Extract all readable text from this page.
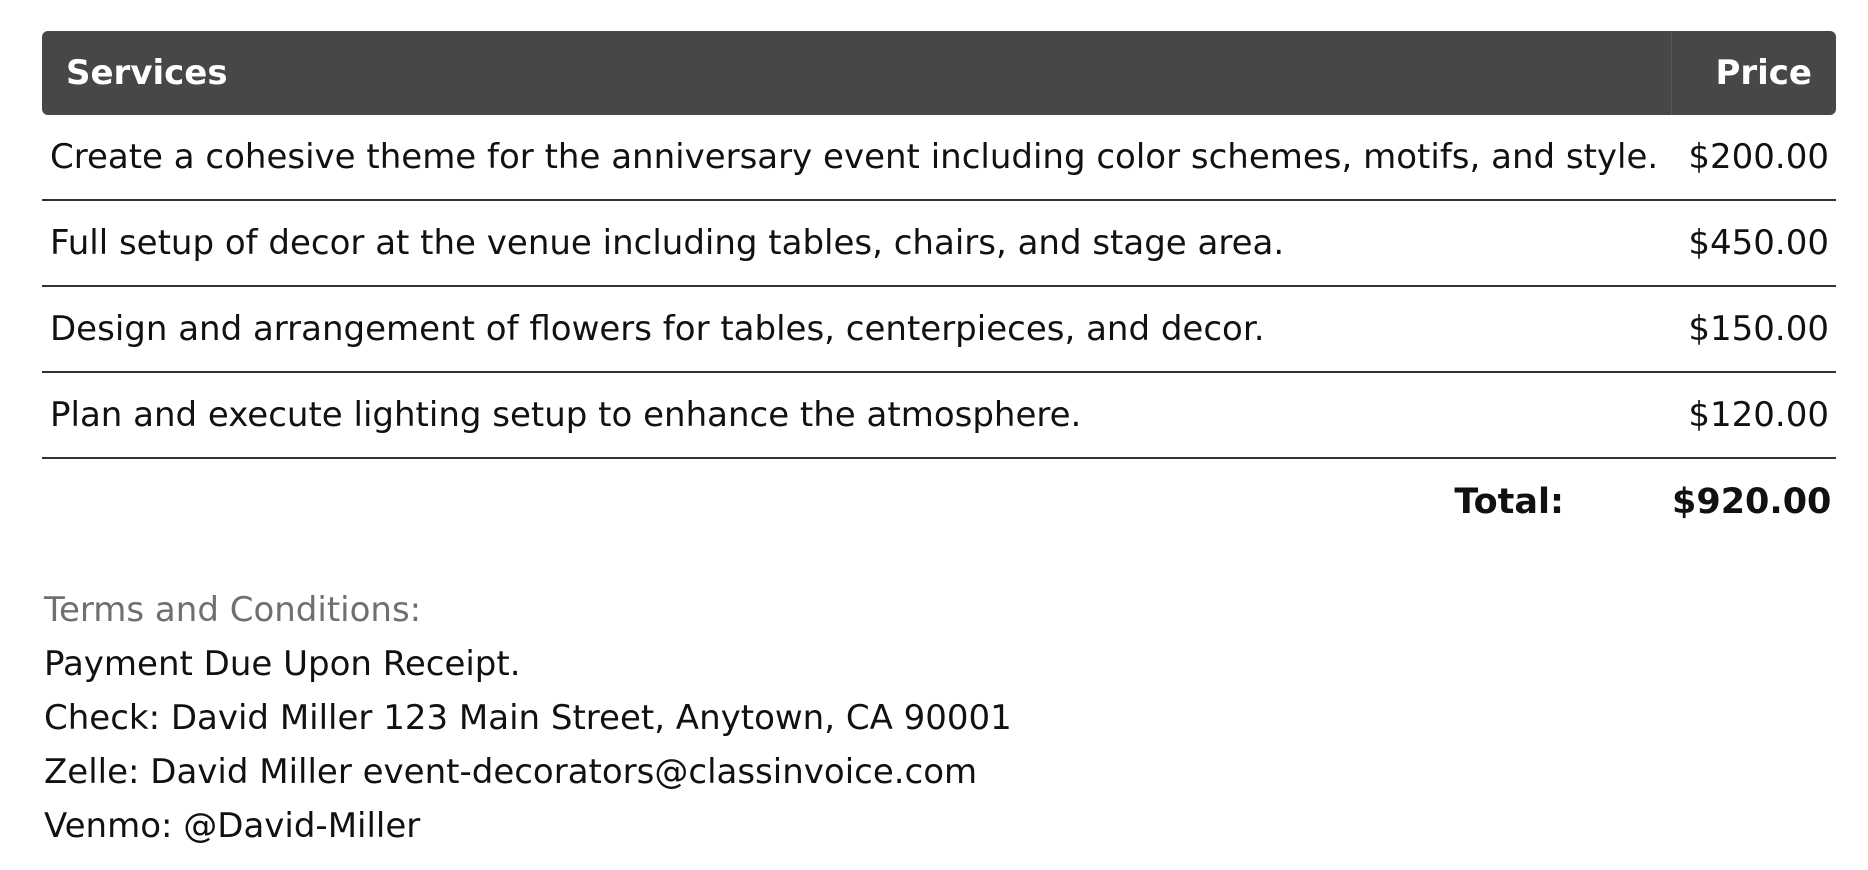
Services	Price
Create a cohesive theme for the anniversary event including color schemes, motifs, and style. $200.00
Full setup of decor at the venue including tables, chairs, and stage area.	$450.00
Design and arrangement of flowers for tables, centerpieces, and decor.	$150.00
Plan and execute lighting setup to enhance the atmosphere.	$120.00
Total:	$920.00
Terms and Conditions:
Payment Due Upon Receipt.
Check: David Miller 123 Main Street, Anytown, CA 90001
Zelle: David Miller event-decorators@classinvoice.com
Venmo: @David-Miller
